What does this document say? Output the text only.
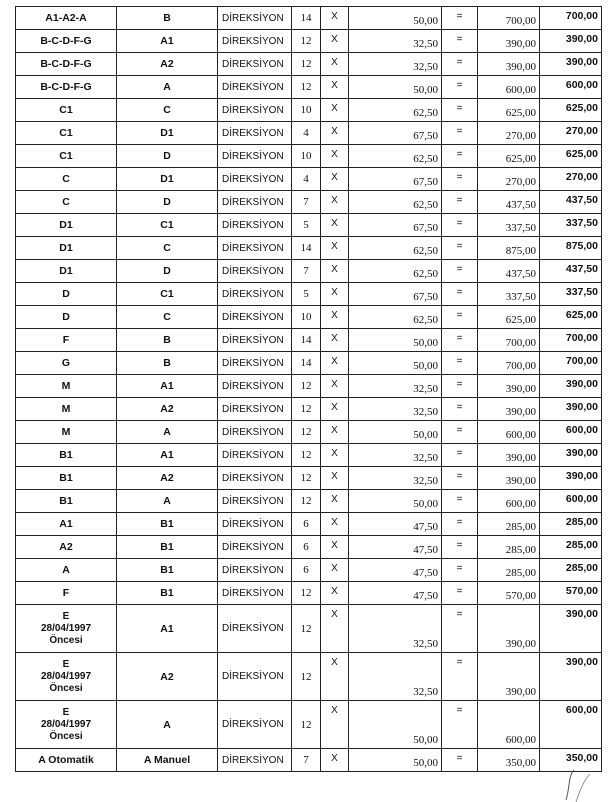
A1-A2-A	B	DİREKSİYON	14	X	50,00	=	700,00	700,00
B-C-D-F-G	A1	DİREKSİYON	12	X	32,50	=	390,00	390,00
B-C-D-F-G	A2	DİREKSİYON	12	X	32,50	=	390,00	390,00
B-C-D-F-G	A	DİREKSİYON	12	X	50,00	=	600,00	600,00
C1	C	DİREKSİYON	10	X	62,50	=	625,00	625,00
C1	D1	DİREKSİYON	4	X	67,50	=	270,00	270,00
C1	D	DİREKSİYON	10	X	62,50	=	625,00	625,00
C	D1	DİREKSİYON	4	X	67,50	=	270,00	270,00
C	D	DİREKSİYON	7	X	62,50	=	437,50	437,50
D1	C1	DİREKSİYON	5	X	67,50	=	337,50	337,50
D1	C	DİREKSİYON	14	X	62,50	=	875,00	875,00
D1	D	DİREKSİYON	7	X	62,50	=	437,50	437,50
D	C1	DİREKSİYON	5	X	67,50	=	337,50	337,50
D	C	DİREKSİYON	10	X	62,50	=	625,00	625,00
F	B	DİREKSİYON	14	X	50,00	=	700,00	700,00
G	B	DİREKSİYON	14	X	50,00	=	700,00	700,00
M	A1	DİREKSİYON	12	X	32,50	=	390,00	390,00
M	A2	DİREKSİYON	12	X	32,50	=	390,00	390,00
M	A	DİREKSİYON	12	X	50,00	=	600,00	600,00
B1	A1	DİREKSİYON	12	X	32,50	=	390,00	390,00
B1	A2	DİREKSİYON	12	X	32,50	=	390,00	390,00
B1	A	DİREKSİYON	12	X	50,00	=	600,00	600,00
A1	B1	DİREKSİYON	6	X	47,50	=	285,00	285,00
A2	B1	DİREKSİYON	6	X	47,50	=	285,00	285,00
A	B1	DİREKSİYON	6	X	47,50	=	285,00	285,00
F	B1	DİREKSİYON	12	X	47,50	=	570,00	570,00

E
28/04/1997
Öncesi	A1	DİREKSİYON	12	X	32,50	=	390,00	390,00

E
28/04/1997
Öncesi	A2	DİREKSİYON	12	X	32,50	=	390,00	390,00

E
28/04/1997
Öncesi	A	DİREKSİYON	12	X	50,00	=	600,00	600,00
A Otomatik	A Manuel	DİREKSİYON	7	X	50,00	=	350,00	350,00
